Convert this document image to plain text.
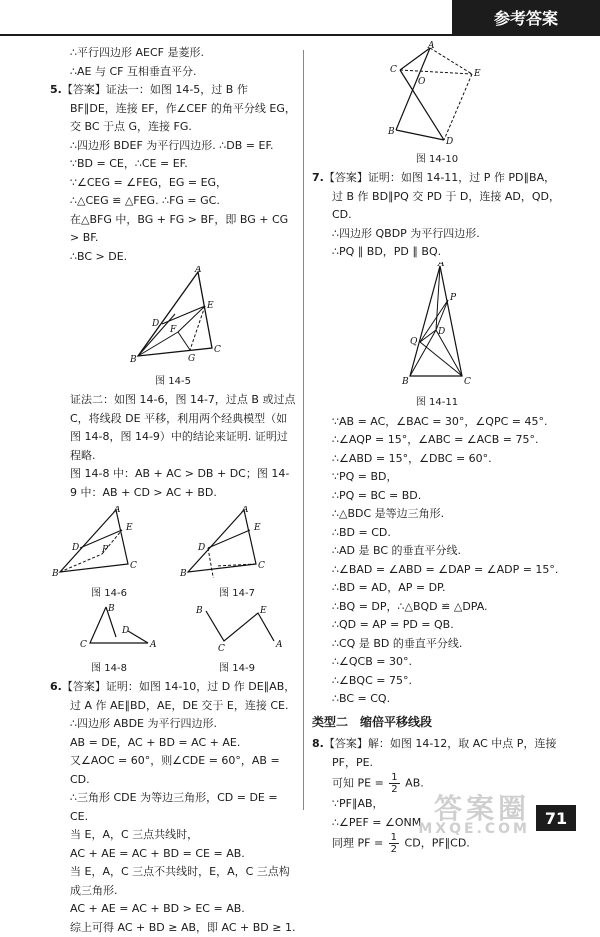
参考答案

∴平行四边形 AECF 是菱形.

∴AE 与 CF 互相垂直平分.

5.【答案】证法一：如图 14-5，过 B 作 BF∥DE，连接 EF，作∠CEF 的角平分线 EG，交 BC 于点 G，连接 FG.

∴四边形 BDEF 为平行四边形. ∴DB = EF.

∵BD = CE，∴CE = EF.

∵∠CEG = ∠FEG，EG = EG，

∴△CEG ≌ △FEG. ∴FG = GC.

在△BFG 中，BG + FG > BF，即 BG + CG > BF.

∴BC > DE.

A
E
D
F
B	G
C

图 14-5

证法二：如图 14-6，图 14-7，过点 B 或过点 C，将线段 DE 平移，利用两个经典模型（如图 14-8，图 14-9）中的结论来证明. 证明过程略.

图 14-8 中：AB + AC > DB + DC；图 14-9 中：AB + CD > AC + BD.

A
E
D	P
B
C

图 14-6

A
E
D
B
C

图 14-7

B
C
D
A

图 14-8

B
C
E
A

图 14-9

6.【答案】证明：如图 14-10，过 D 作 DE∥AB，过 A 作 AE∥BD，AE，DE 交于 E，连接 CE.

∴四边形 ABDE 为平行四边形.

AB = DE，AC + BD = AC + AE.

又∠AOC = 60°，则∠CDE = 60°，AB = CD.

∴三角形 CDE 为等边三角形，CD = DE = CE.

当 E，A，C 三点共线时，

AC + AE = AC + BD = CE = AB.

当 E，A，C 三点不共线时，E，A，C 三点构成三角形.

AC + AE = AC + BD > EC = AB.

综上可得 AC + BD ≥ AB，即 AC + BD ≥ 1.

A
C
O
E
B
D

图 14-10

7.【答案】证明：如图 14-11，过 P 作 PD∥BA，过 B 作 BD∥PQ 交 PD 于 D，连接 AD，QD，CD.

∴四边形 QBDP 为平行四边形.

∴PQ ∥ BD，PD ∥ BQ.

A
P
D
Q
B	C

图 14-11

∵AB = AC，∠BAC = 30°，∠QPC = 45°.

∴∠AQP = 15°，∠ABC = ∠ACB = 75°.

∴∠ABD = 15°，∠DBC = 60°.

∵PQ = BD，

∴PQ = BC = BD.

∴△BDC 是等边三角形.

∴BD = CD.

∴AD 是 BC 的垂直平分线.

∴∠BAD = ∠ABD = ∠DAP = ∠ADP = 15°.

∴BD = AD，AP = DP.

∴BQ = DP，∴△BQD ≌ △DPA.

∴QD = AP = PD = QB.

∴CQ 是 BD 的垂直平分线.

∴∠QCB = 30°.

∴∠BQC = 75°.

∴BC = CQ.

类型二　缩倍平移线段

8.【答案】解：如图 14-12，取 AC 中点 P，连接 PF，PE.

可知 PE = $\frac{1}{2}$ AB.

∵PF∥AB，

∴∠PEF = ∠ONM.

同理 PF = $\frac{1}{2}$ CD，PF∥CD.

答案圈
MXQE.COM
71
